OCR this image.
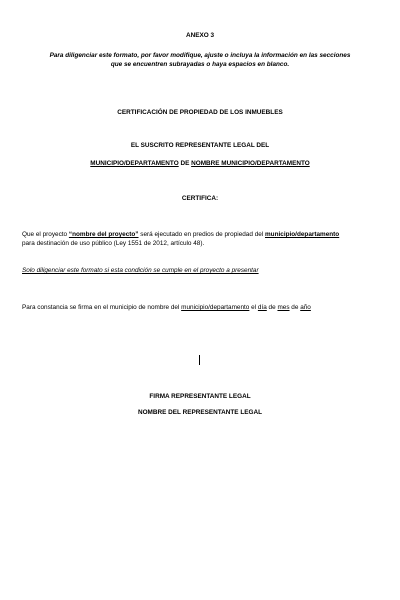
ANEXO 3
Para diligenciar este formato, por favor modifique, ajuste o incluya la información en las secciones
que se encuentren subrayadas o haya espacios en blanco.
CERTIFICACIÓN DE PROPIEDAD DE LOS INMUEBLES
EL SUSCRITO REPRESENTANTE LEGAL DEL
MUNICIPIO/DEPARTAMENTO DE NOMBRE MUNICIPIO/DEPARTAMENTO
CERTIFICA:
Que el proyecto “nombre del proyecto” será ejecutado en predios de propiedad del municipio/departamento
para destinación de uso público (Ley 1551 de 2012, artículo 48).
Solo diligenciar este formato si esta condición se cumple en el proyecto a presentar
Para constancia se firma en el municipio de nombre del municipio/departamento el día de mes de año
FIRMA REPRESENTANTE LEGAL
NOMBRE DEL REPRESENTANTE LEGAL
